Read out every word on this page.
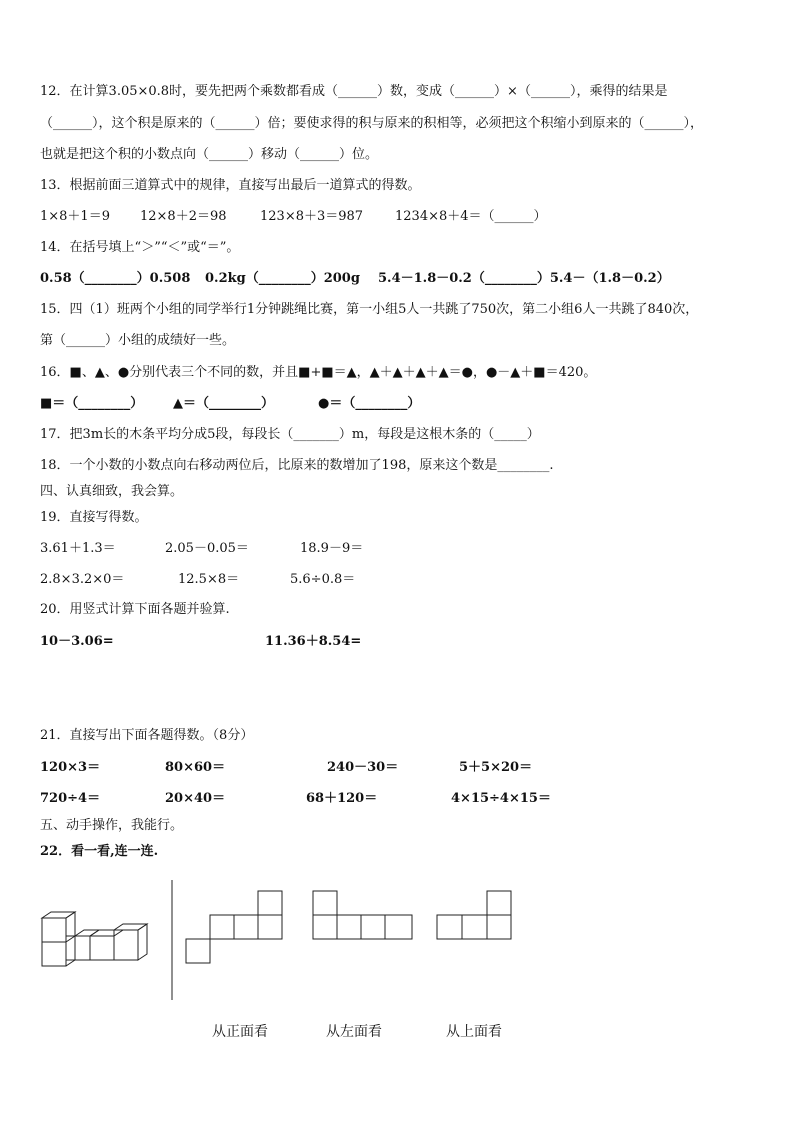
12．在计算3.05×0.8时，要先把两个乘数都看成（______）数，变成（______）×（______），乘得的结果是
（______），这个积是原来的（______）倍；要使求得的积与原来的积相等，必须把这个积缩小到原来的（______），
也就是把这个积的小数点向（______）移动（______）位。
13．根据前面三道算式中的规律，直接写出最后一道算式的得数。
1×8＋1＝9 12×8＋2＝98	123×8＋3＝987 1234×8＋4＝（______）
14．在括号填上“＞”“＜”或“＝”。
0.58（________）0.508 0.2kg（________）200g 5.4－1.8－0.2（________）5.4－（1.8－0.2）
15．四（1）班两个小组的同学举行1分钟跳绳比赛，第一小组5人一共跳了750次，第二小组6人一共跳了840次，
第（______）小组的成绩好一些。
16．■、▲、●分别代表三个不同的数，并且■+■＝▲，▲＋▲＋▲＋▲＝●，●－▲＋■＝420。
■＝（________） ▲＝（________）	●＝（________）
17．把3m长的木条平均分成5段，每段长（_______）m，每段是这根木条的（_____）
18．一个小数的小数点向右移动两位后，比原来的数增加了198，原来这个数是________.
四、认真细致，我会算。
19．直接写得数。
3.61＋1.3＝	2.05－0.05＝	18.9－9＝
2.8×3.2×0＝	12.5×8＝	5.6÷0.8＝
20．用竖式计算下面各题并验算.
10－3.06=	11.36＋8.54=
21．直接写出下面各题得数。（8分）
120×3＝	80×60＝	240－30＝	5＋5×20＝
720÷4＝	20×40＝	68＋120＝	4×15÷4×15＝
五、动手操作，我能行。
22．看一看,连一连.
从正面看	从左面看	从上面看
